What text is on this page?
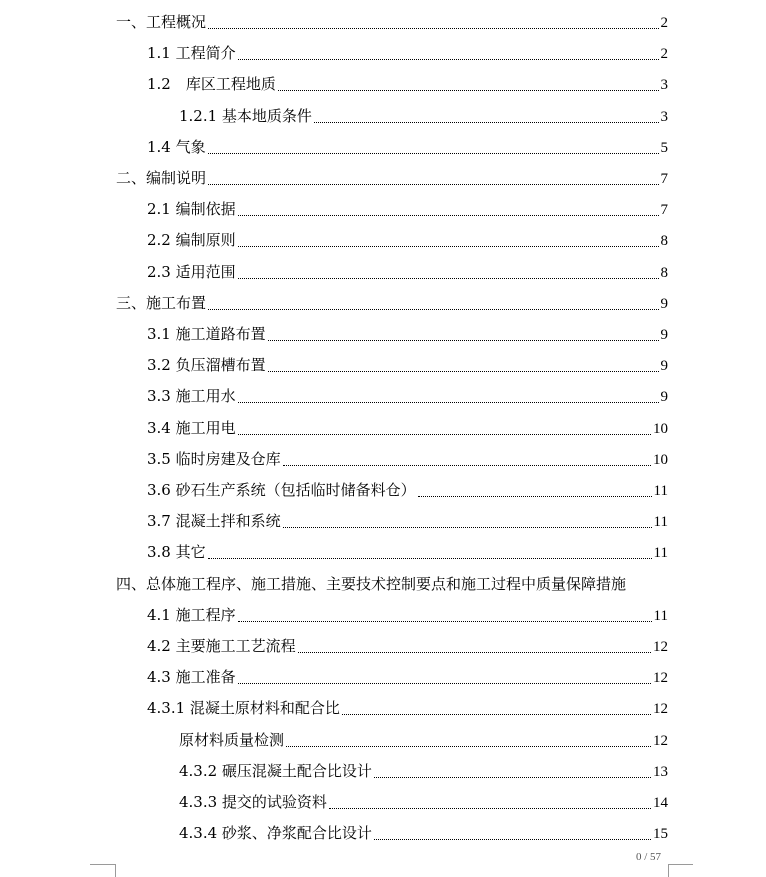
一、工程概况	2
1.1 工程简介	2
1.2　库区工程地质	3
1.2.1 基本地质条件	3
1.4 气象	5
二、编制说明	7
2.1 编制依据	7
2.2 编制原则	8
2.3 适用范围	8
三、施工布置	9
3.1 施工道路布置	9
3.2 负压溜槽布置	9
3.3 施工用水	9
3.4 施工用电	10
3.5 临时房建及仓库	10
3.6 砂石生产系统（包括临时储备料仓）	11
3.7 混凝土拌和系统	11
3.8 其它	11
四、总体施工程序、施工措施、主要技术控制要点和施工过程中质量保障措施
4.1 施工程序	11
4.2 主要施工工艺流程	12
4.3 施工准备	12
4.3.1 混凝土原材料和配合比	12
原材料质量检测	12
4.3.2 碾压混凝土配合比设计	13
4.3.3 提交的试验资料	14
4.3.4 砂浆、净浆配合比设计	15
0 / 57
